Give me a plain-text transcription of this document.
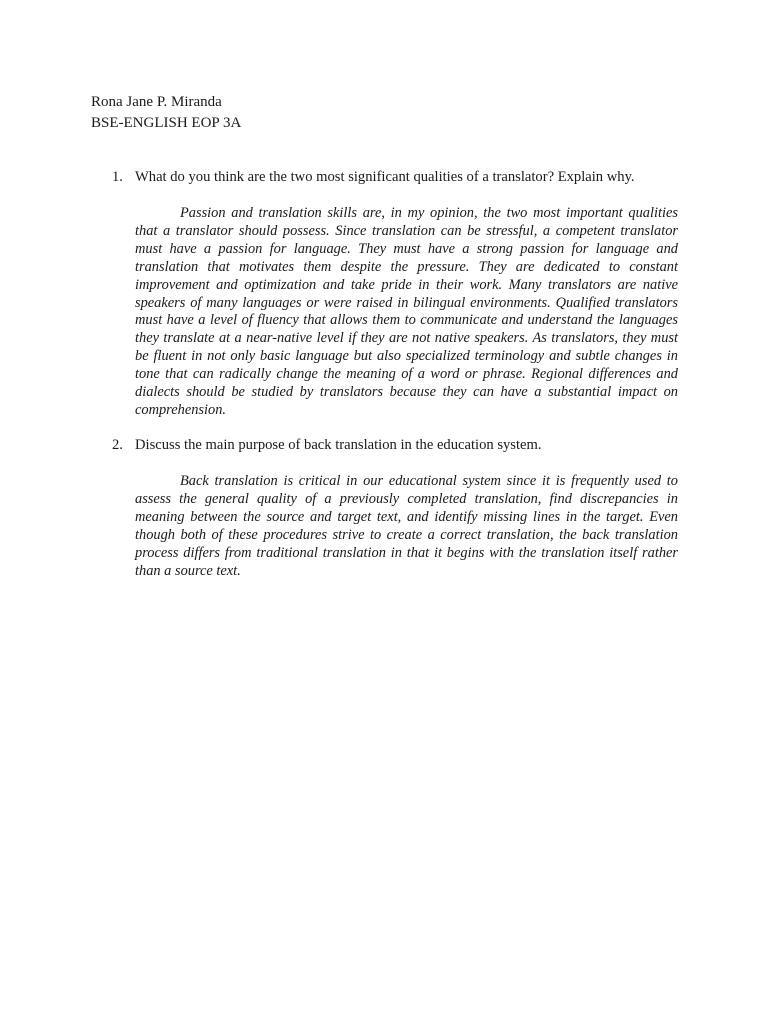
Rona Jane P. Miranda
BSE-ENGLISH EOP 3A
1. What do you think are the two most significant qualities of a translator? Explain why.

Passion and translation skills are, in my opinion, the two most important qualities that a translator should possess. Since translation can be stressful, a competent translator must have a passion for language. They must have a strong passion for language and translation that motivates them despite the pressure. They are dedicated to constant improvement and optimization and take pride in their work. Many translators are native speakers of many languages or were raised in bilingual environments. Qualified translators must have a level of fluency that allows them to communicate and understand the languages they translate at a near-native level if they are not native speakers. As translators, they must be fluent in not only basic language but also specialized terminology and subtle changes in tone that can radically change the meaning of a word or phrase. Regional differences and dialects should be studied by translators because they can have a substantial impact on comprehension.

2. Discuss the main purpose of back translation in the education system.

Back translation is critical in our educational system since it is frequently used to assess the general quality of a previously completed translation, find discrepancies in meaning between the source and target text, and identify missing lines in the target. Even though both of these procedures strive to create a correct translation, the back translation process differs from traditional translation in that it begins with the translation itself rather than a source text.
